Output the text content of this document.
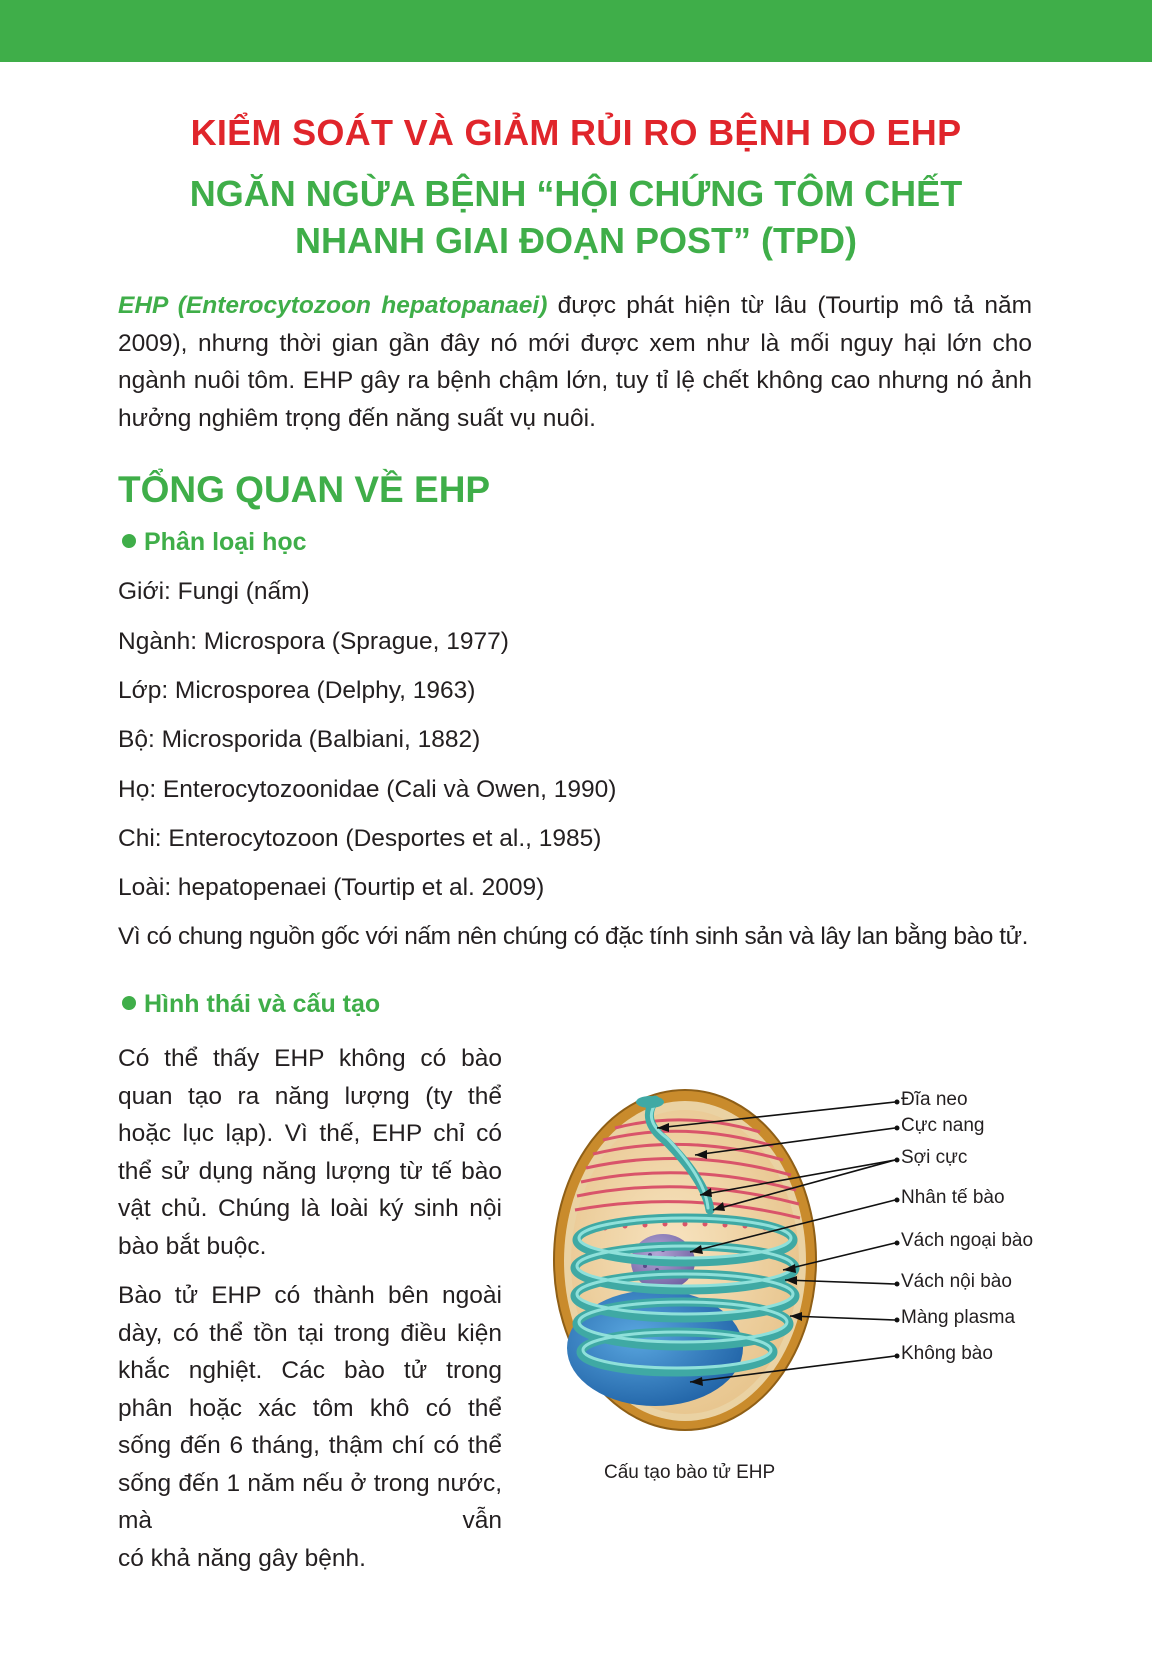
KIỂM SOÁT VÀ GIẢM RỦI RO BỆNH DO EHP
NGĂN NGỪA BỆNH “HỘI CHỨNG TÔM CHẾT
NHANH GIAI ĐOẠN POST” (TPD)

EHP (Enterocytozoon hepatopanaei) được phát hiện từ lâu (Tourtip mô tả năm 2009), nhưng thời gian gần đây nó mới được xem như là mối nguy hại lớn cho ngành nuôi tôm. EHP gây ra bệnh chậm lớn, tuy tỉ lệ chết không cao nhưng nó ảnh hưởng nghiêm trọng đến năng suất vụ nuôi.

TỔNG QUAN VỀ EHP
Phân loại học
Giới: Fungi (nấm)
Ngành: Microspora (Sprague, 1977)
Lớp: Microsporea (Delphy, 1963)
Bộ: Microsporida (Balbiani, 1882)
Họ: Enterocytozoonidae (Cali và Owen, 1990)
Chi: Enterocytozoon (Desportes et al., 1985)
Loài: hepatopenaei (Tourtip et al. 2009)
Vì có chung nguồn gốc với nấm nên chúng có đặc tính sinh sản và lây lan bằng bào tử.
Hình thái và cấu tạo
Có thể thấy EHP không có bào quan tạo ra năng lượng (ty thể hoặc lục lạp). Vì thế, EHP chỉ có thể sử dụng năng lượng từ tế bào vật chủ. Chúng là loài ký sinh nội
bào bắt buộc.
Bào tử EHP có thành bên ngoài dày, có thể tồn tại trong điều kiện khắc nghiệt. Các bào tử trong phân hoặc xác tôm khô có thể sống đến 6 tháng, thậm chí có thể sống đến 1 năm nếu ở trong nước, mà vẫn
có khả năng gây bệnh.
Đĩa neo
Cực nang
Sợi cực
Nhân tế bào
Vách ngoại bào
Vách nội bào
Màng plasma
Không bào
Cấu tạo bào tử EHP
